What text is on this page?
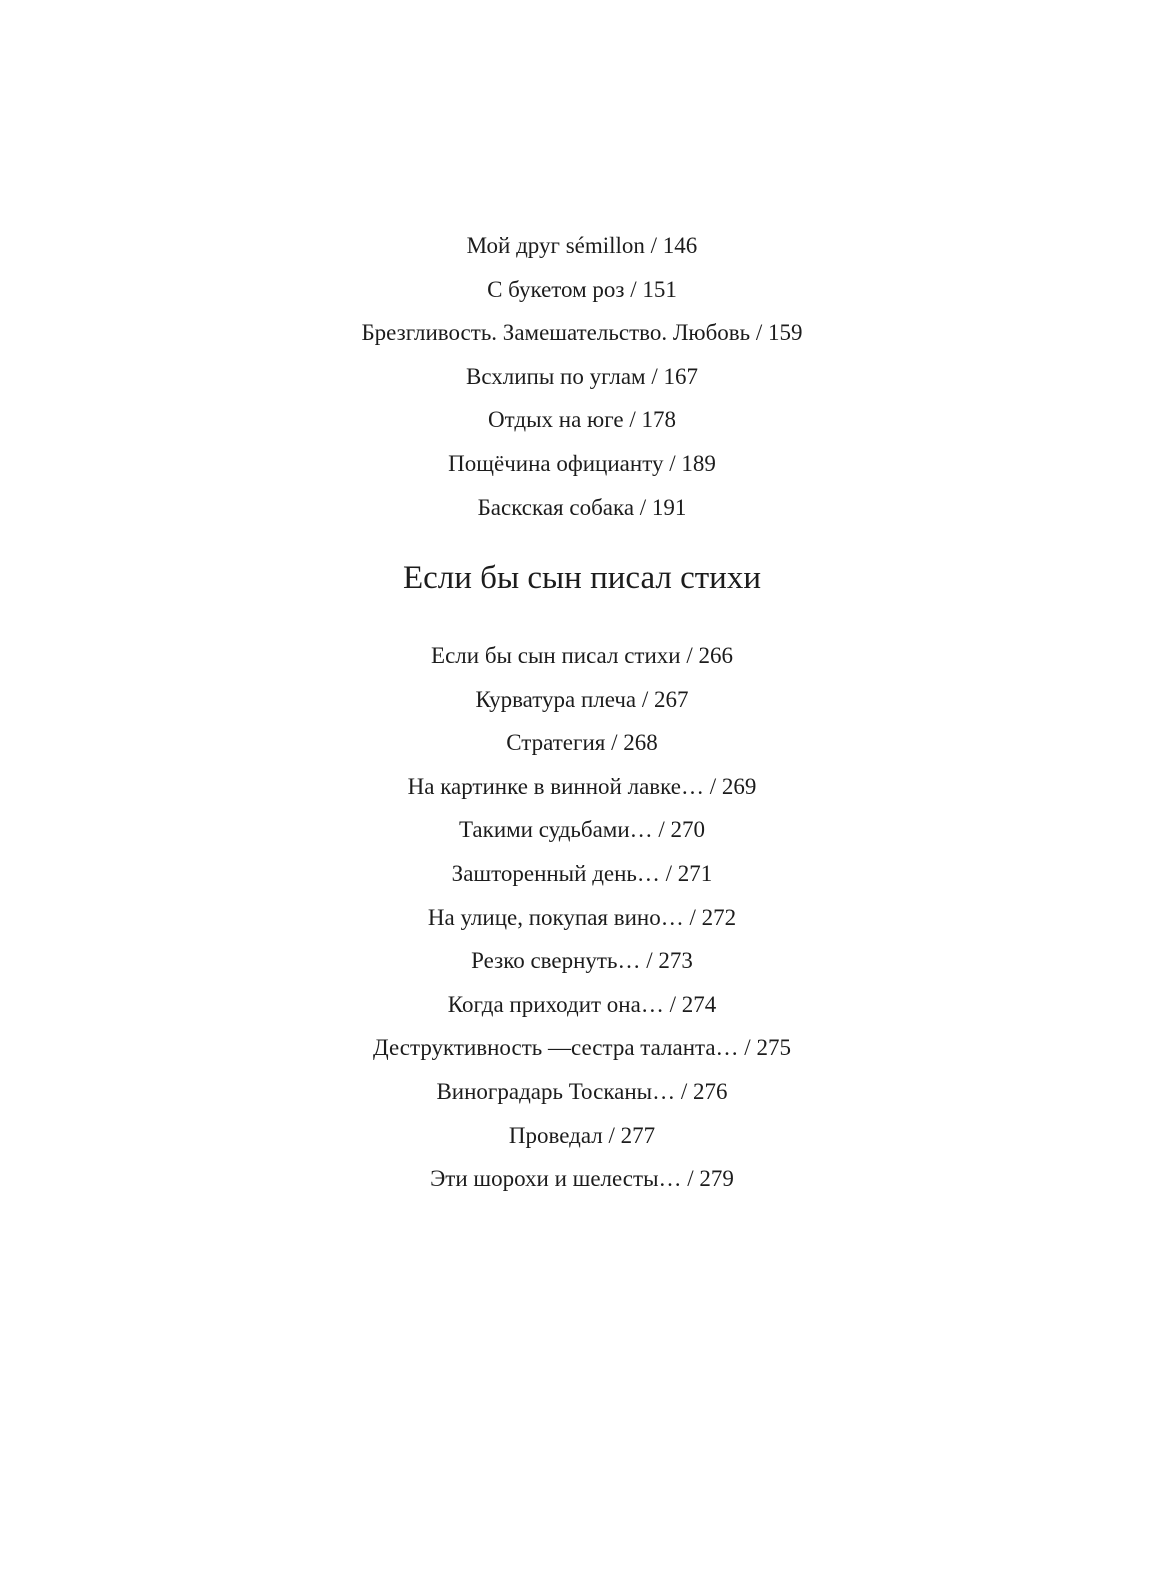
Мой друг sémillon / 146
С букетом роз / 151
Брезгливость. Замешательство. Любовь / 159
Всхлипы по углам / 167
Отдых на юге / 178
Пощёчина официанту / 189
Баскская собака / 191
Если бы сын писал стихи
Если бы сын писал стихи / 266
Курватура плеча / 267
Стратегия / 268
На картинке в винной лавке… / 269
Такими судьбами… / 270
Зашторенный день… / 271
На улице, покупая вино… / 272
Резко свернуть… / 273
Когда приходит она… / 274
Деструктивность —сестра таланта… / 275
Виноградарь Тосканы… / 276
Проведал / 277
Эти шорохи и шелесты… / 279
